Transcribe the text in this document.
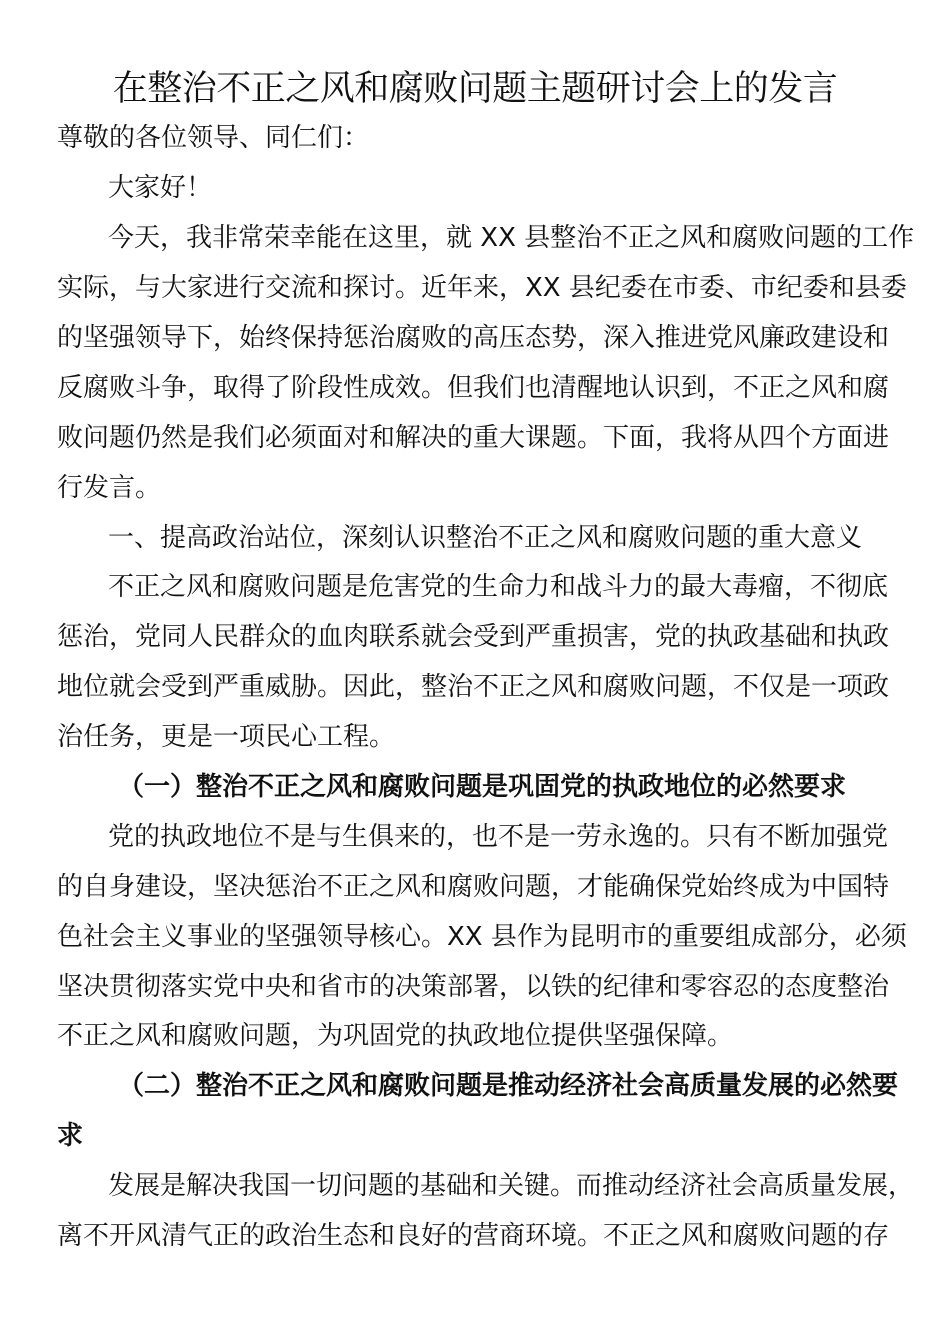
在整治不正之风和腐败问题主题研讨会上的发言

尊敬的各位领导、同仁们：

大家好！

今天，我非常荣幸能在这里，就 XX 县整治不正之风和腐败问题的工作

实际，与大家进行交流和探讨。近年来，XX 县纪委在市委、市纪委和县委

的坚强领导下，始终保持惩治腐败的高压态势，深入推进党风廉政建设和

反腐败斗争，取得了阶段性成效。但我们也清醒地认识到，不正之风和腐

败问题仍然是我们必须面对和解决的重大课题。下面，我将从四个方面进

行发言。

一、提高政治站位，深刻认识整治不正之风和腐败问题的重大意义

不正之风和腐败问题是危害党的生命力和战斗力的最大毒瘤，不彻底

惩治，党同人民群众的血肉联系就会受到严重损害，党的执政基础和执政

地位就会受到严重威胁。因此，整治不正之风和腐败问题，不仅是一项政

治任务，更是一项民心工程。

（一）整治不正之风和腐败问题是巩固党的执政地位的必然要求

党的执政地位不是与生俱来的，也不是一劳永逸的。只有不断加强党

的自身建设，坚决惩治不正之风和腐败问题，才能确保党始终成为中国特

色社会主义事业的坚强领导核心。XX 县作为昆明市的重要组成部分，必须

坚决贯彻落实党中央和省市的决策部署，以铁的纪律和零容忍的态度整治

不正之风和腐败问题，为巩固党的执政地位提供坚强保障。

（二）整治不正之风和腐败问题是推动经济社会高质量发展的必然要

求

发展是解决我国一切问题的基础和关键。而推动经济社会高质量发展，

离不开风清气正的政治生态和良好的营商环境。不正之风和腐败问题的存
